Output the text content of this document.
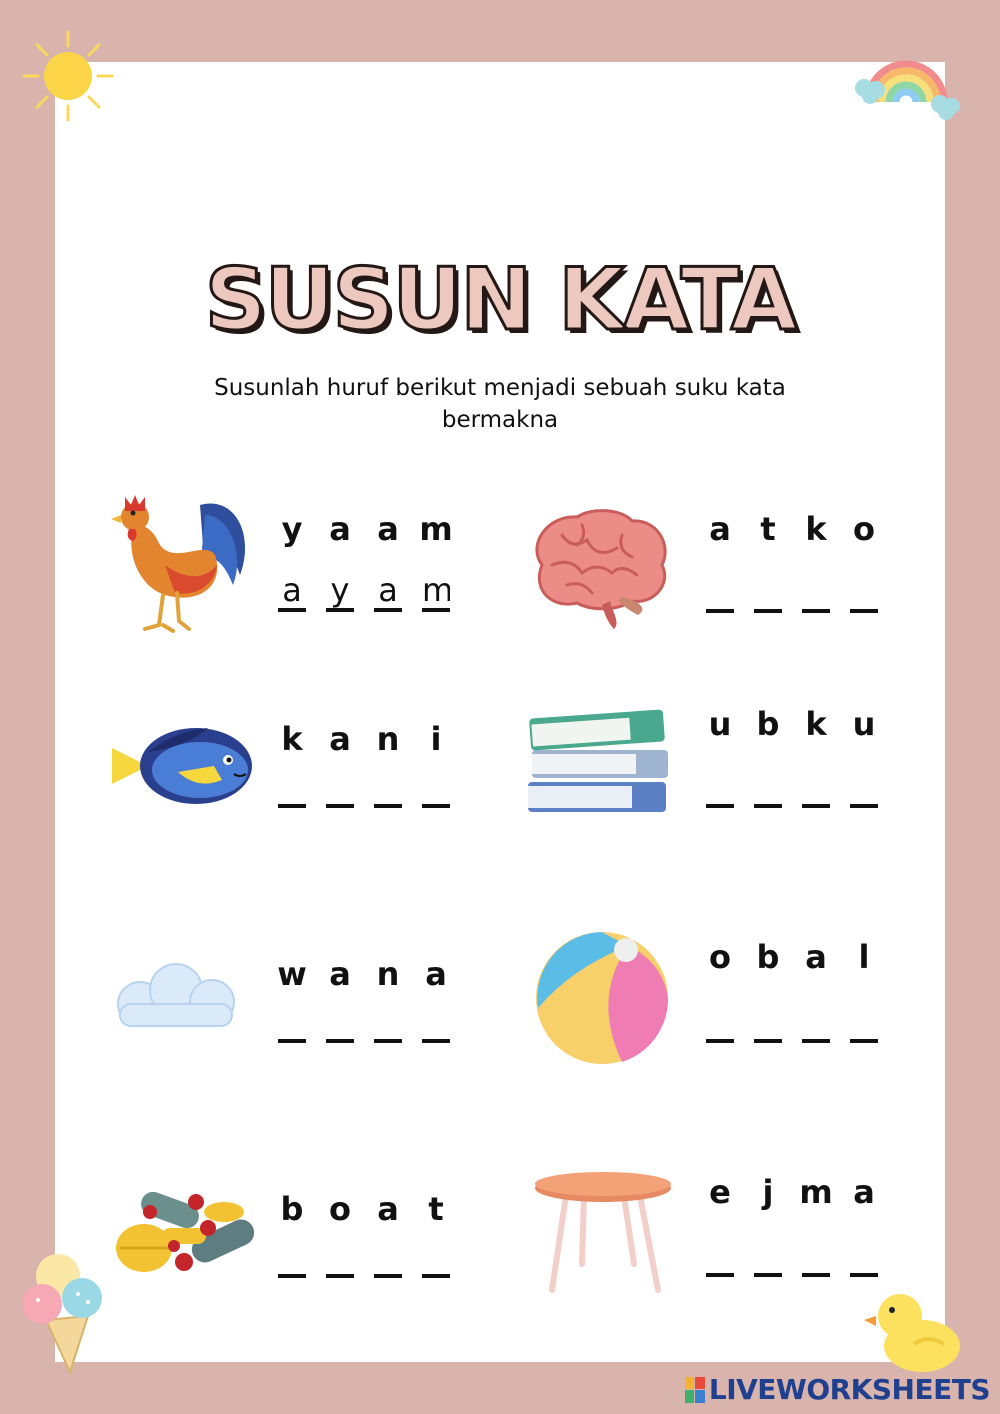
SUSUN KATA
Susunlah huruf berikut menjadi sebuah suku kata bermakna
y a a m
a
y
a
m	a t k o
k a n i	u b k u
w a n a	o b a l
b o a t	e j m a
LIVEWORKSHEETS
